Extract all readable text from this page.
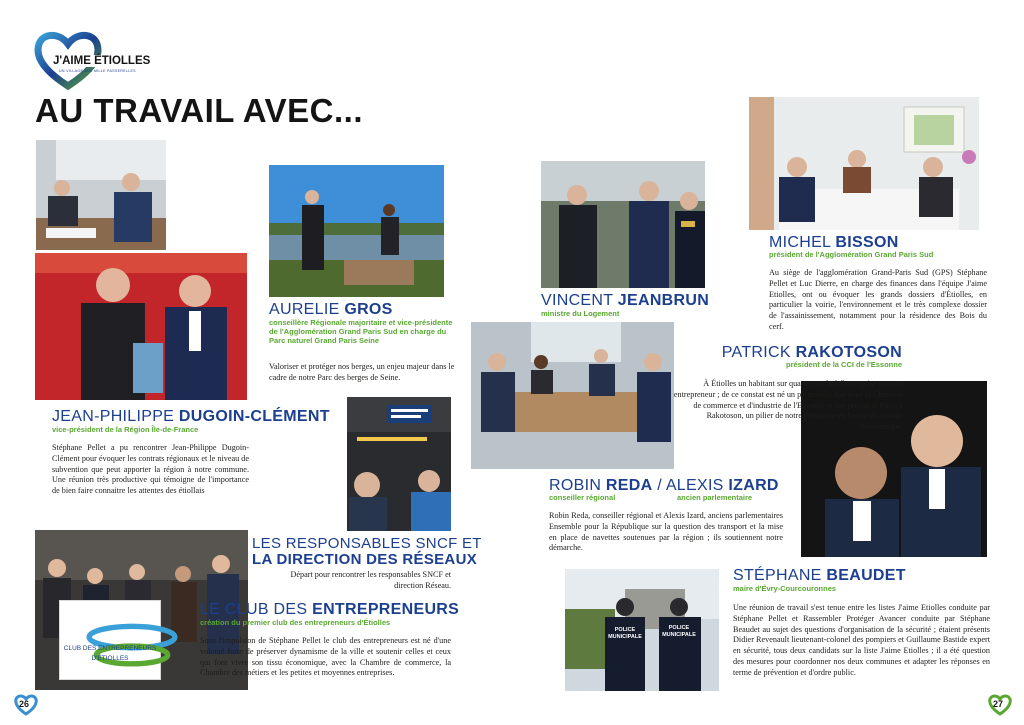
J'AIME ÉTIOLLES
UN VILLAGE AUX MILLE PASSERELLES
AU TRAVAIL AVEC...
CLUB DES ENTREPRENEURS
D'ÉTIOLLES
JEAN-PHILIPPE DUGOIN-CLÉMENT
vice-président de la Région Île-de-France
Stéphane Pellet a pu rencontrer Jean-Philippe Dugoin-Clément pour évoquer les contrats régionaux et le niveau de subvention que peut apporter la région à notre commune. Une réunion très productive qui témoigne de l'importance de bien faire connaitre les attentes des étiollais
AURELIE GROS
conseillère Régionale majoritaire et vice-présidente de l'Agglomération Grand Paris Sud en charge du Parc naturel Grand Paris Seine
Valoriser et protéger nos berges, un enjeu majeur dans le cadre de notre Parc des berges de Seine.
LES RESPONSABLES SNCF ET
LA DIRECTION DES RÉSEAUX
Départ pour rencontrer les responsables SNCF et direction Réseau.
LE CLUB DES ENTREPRENEURS
création du premier club des entrepreneurs d'Étiolles
Sous l'impulsion de Stéphane Pellet le club des entrepreneurs est né d'une volonté forte de préserver dynamisme de la ville et soutenir celles et ceux qui font vivre son tissu économique, avec la Chambre de commerce, la Chambre des métiers et les petites et moyennes entreprises.
26
POLICE MUNICIPALE
POLICE MUNICIPALE
VINCENT JEANBRUN
ministre du Logement
ROBIN REDA / ALEXIS IZARD
conseiller régional	ancien parlementaire
Robin Reda, conseiller régional et Alexis Izard, anciens parlementaires Ensemble pour la République sur la question des transport et la mise en place de navettes soutenues par la région ; ils soutiennent notre démarche.
MICHEL BISSON
président de l'Agglomération Grand Paris Sud
Au siège de l'agglomération Grand-Paris Sud (GPS) Stéphane Pellet et Luc Dierre, en charge des finances dans l'équipe J'aime Etiolles, ont ou évoquer les grands dossiers d'Étiolles, en particulier la voirie, l'environnement et le très complexe dossier de l'assainissement, notamment pour la résidence des Bois du cerf.
PATRICK RAKOTOSON
président de la CCI de l'Essonne
À Étiolles un habitant sur quatre est chef d'entreprise ou auto entrepreneur ; de ce constat est né un partenariat fort avec la Chambre de commerce et d'industrie de l'Essonne et son président Patrick Rakotoson, un pilier de notre démarche en faveur du monde économique.
STÉPHANE BEAUDET
maire d'Évry-Courcouronnes
Une réunion de travail s'est tenue entre les listes J'aime Etiolles conduite par Stéphane Pellet et Rassembler Protéger Avancer conduite par Stéphane Beaudet au sujet des questions d'organisation de la sécurité ; étaient présents Didier Revenault lieutenant-colonel des pompiers et Guillaume Bastide expert en sécurité, tous deux candidats sur la liste J'aime Etiolles ; il a été question des mesures pour coordonner nos deux communes et adapter les réponses en terme de prévention et d'ordre public.
27
